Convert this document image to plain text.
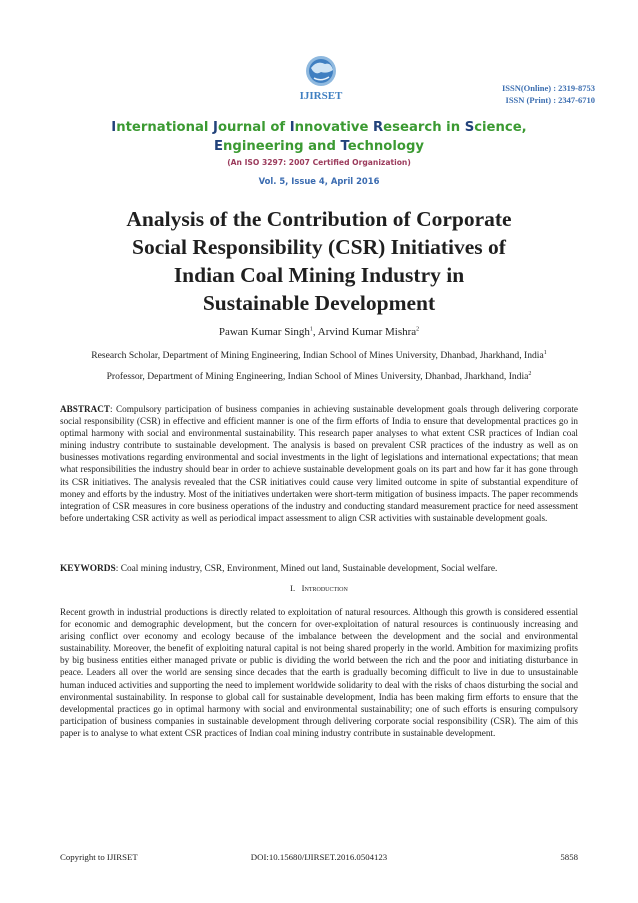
IJIRSET
ISSN(Online) : 2319-8753
ISSN (Print) : 2347-6710
International Journal of Innovative Research in Science,
Engineering and Technology
(An ISO 3297: 2007 Certified Organization)
Vol. 5, Issue 4, April 2016
Analysis of the Contribution of Corporate
Social Responsibility (CSR) Initiatives of
Indian Coal Mining Industry in
Sustainable Development
Pawan Kumar Singh$^1$, Arvind Kumar Mishra$^2$
Research Scholar, Department of Mining Engineering, Indian School of Mines University, Dhanbad, Jharkhand, India$^1$
Professor, Department of Mining Engineering, Indian School of Mines University, Dhanbad, Jharkhand, India$^2$
ABSTRACT: Compulsory participation of business companies in achieving sustainable development goals through delivering corporate social responsibility (CSR) in effective and efficient manner is one of the firm efforts of India to ensure that developmental practices go in optimal harmony with social and environmental sustainability. This research paper analyses to what extent CSR practices of Indian coal mining industry contribute to sustainable development. The analysis is based on prevalent CSR practices of the industry as well as on businesses motivations regarding environmental and social investments in the light of legislations and international expectations; that mean what responsibilities the industry should bear in order to achieve sustainable development goals on its part and how far it has gone through its CSR initiatives. The analysis revealed that the CSR initiatives could cause very limited outcome in spite of substantial expenditure of money and efforts by the industry. Most of the initiatives undertaken were short-term mitigation of business impacts. The paper recommends integration of CSR measures in core business operations of the industry and conducting standard measurement practice for need assessment before undertaking CSR activity as well as periodical impact assessment to align CSR activities with sustainable development goals.
KEYWORDS: Coal mining industry, CSR, Environment, Mined out land, Sustainable development, Social welfare.
I. Introduction
Recent growth in industrial productions is directly related to exploitation of natural resources. Although this growth is considered essential for economic and demographic development, but the concern for over-exploitation of natural resources is continuously increasing and arising conflict over economy and ecology because of the imbalance between the development and the social and environmental sustainability. Moreover, the benefit of exploiting natural capital is not being shared properly in the world. Ambition for maximizing profits by big business entities either managed private or public is dividing the world between the rich and the poor and initiating disturbance in peace. Leaders all over the world are sensing since decades that the earth is gradually becoming difficult to live in due to unsustainable human induced activities and supporting the need to implement worldwide solidarity to deal with the risks of chaos disturbing the social and environmental sustainability. In response to global call for sustainable development, India has been making firm efforts to ensure that the developmental practices go in optimal harmony with social and environmental sustainability; one of such efforts is ensuring compulsory participation of business companies in sustainable development through delivering corporate social responsibility (CSR). The aim of this paper is to analyse to what extent CSR practices of Indian coal mining industry contribute in sustainable development.
Copyright to IJIRSET	DOI:10.15680/IJIRSET.2016.0504123	5858
